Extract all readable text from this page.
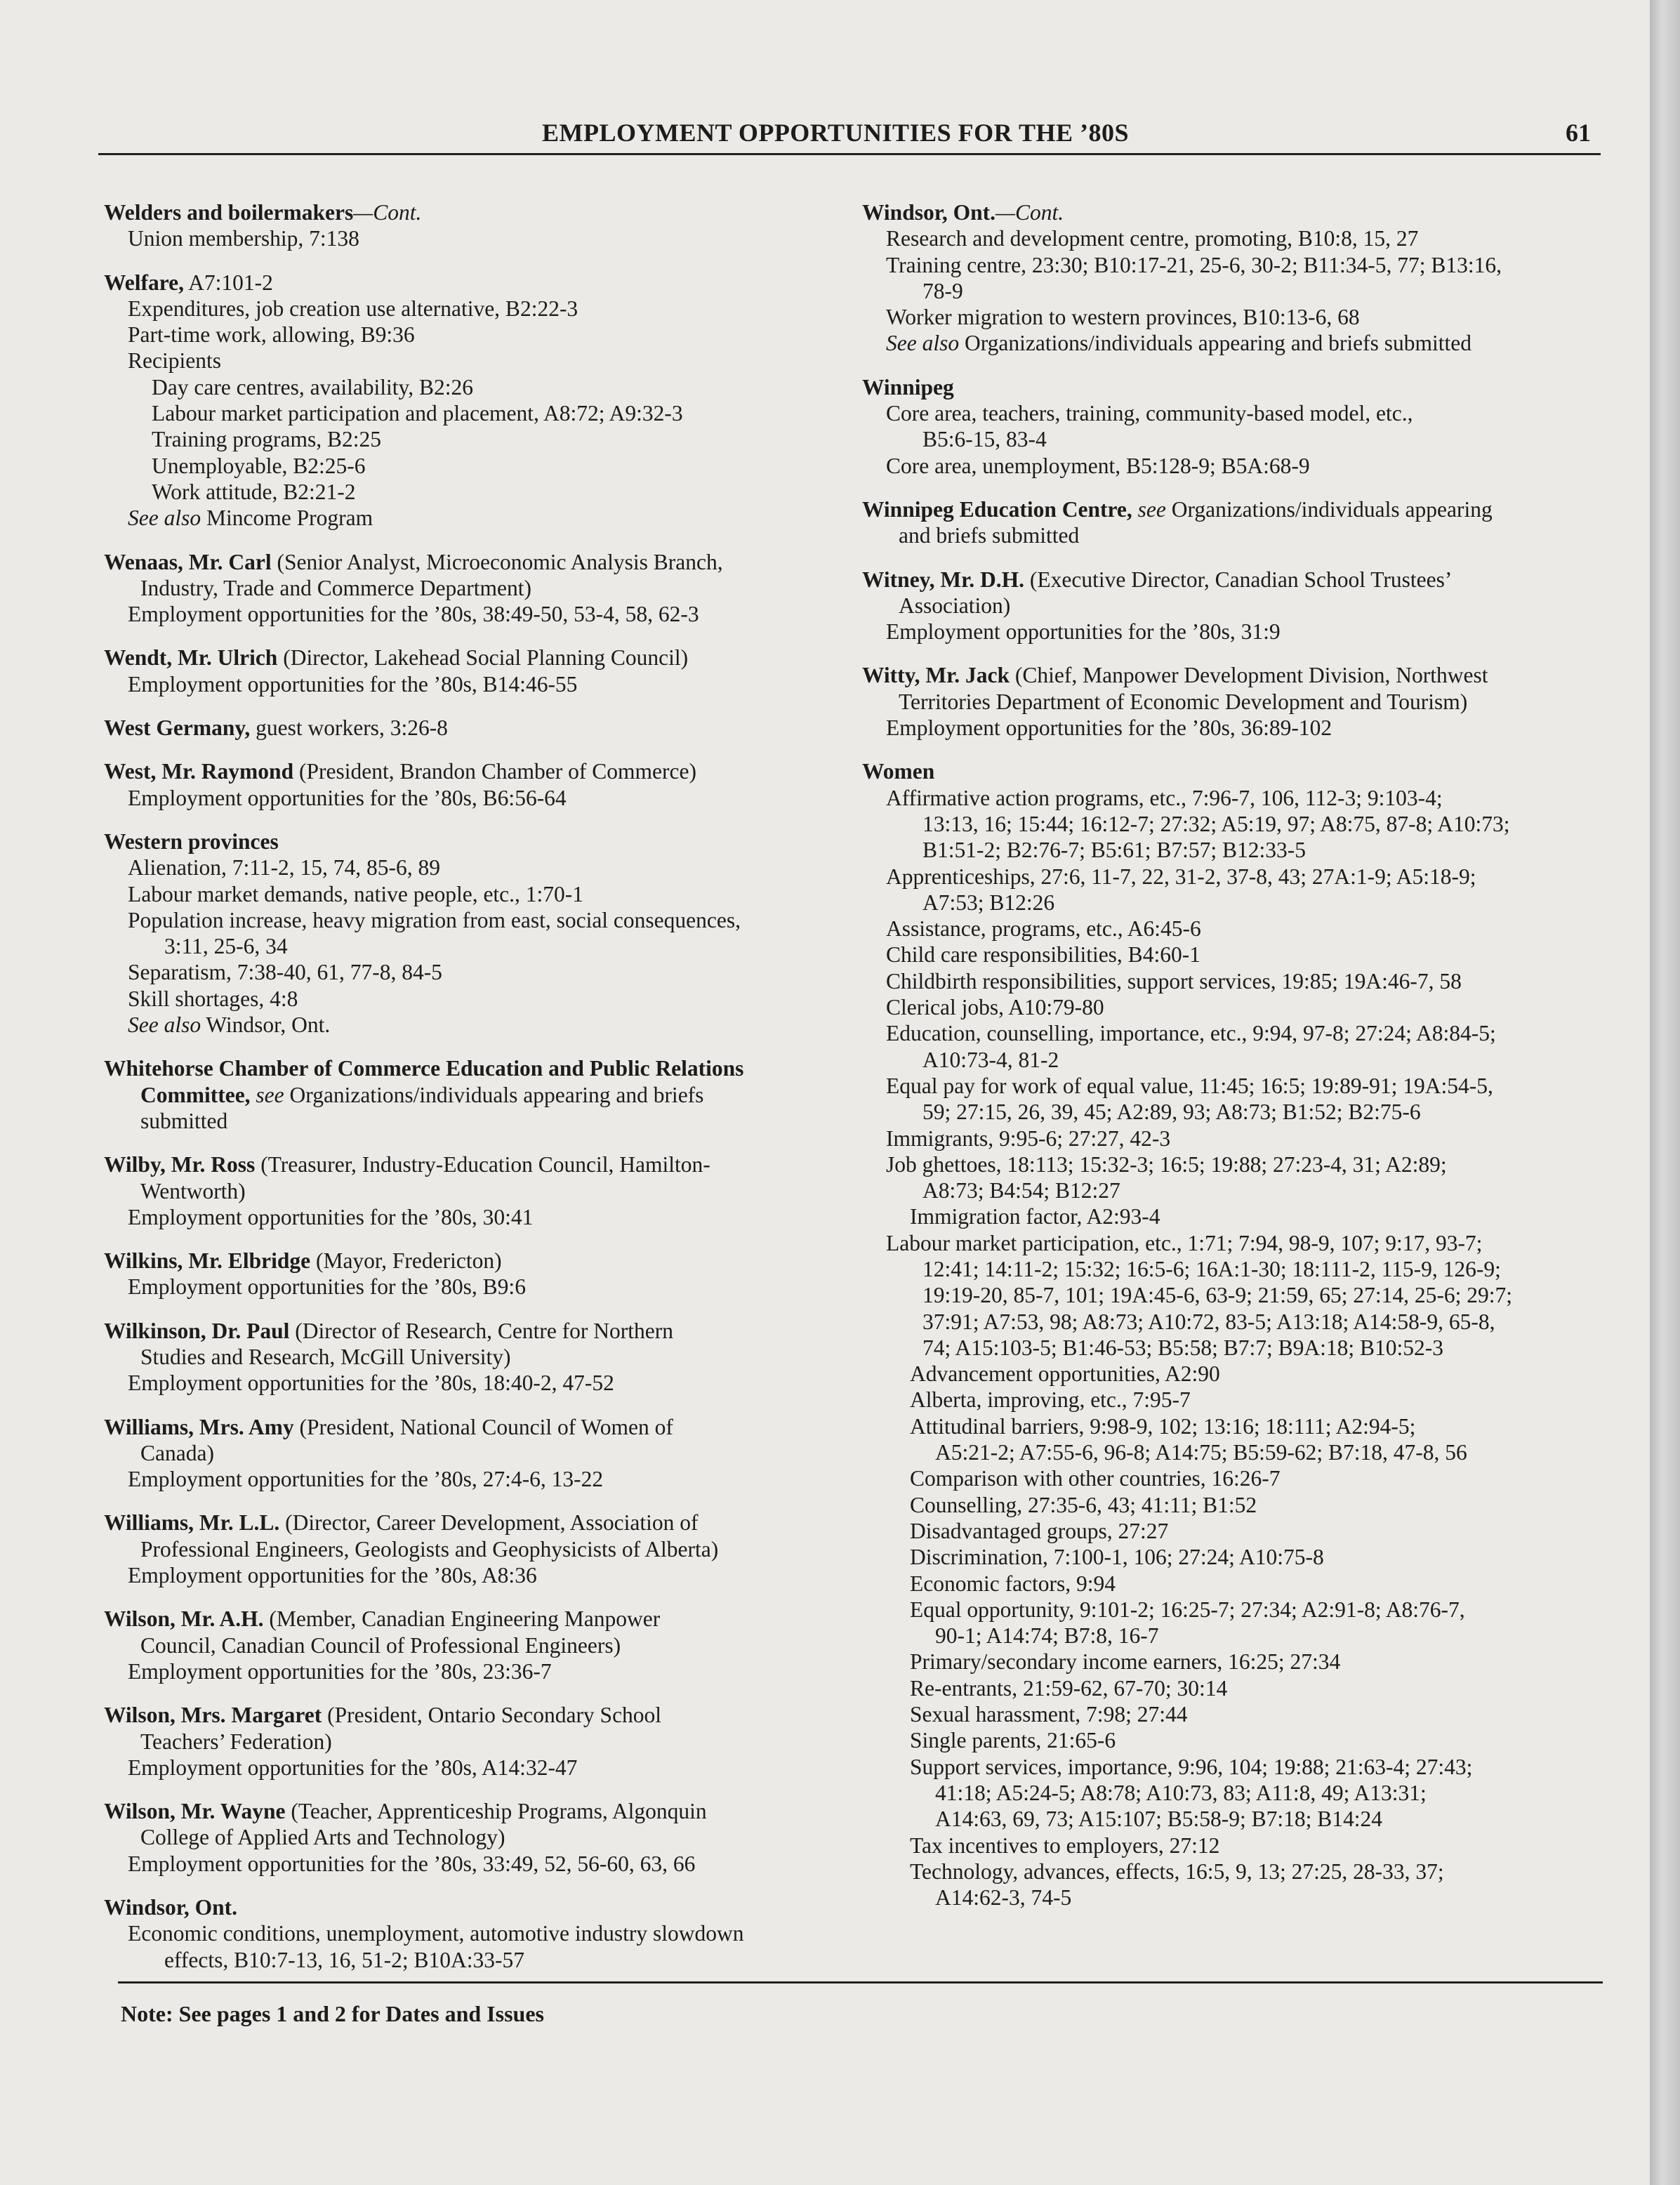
EMPLOYMENT OPPORTUNITIES FOR THE ’80S	61
Welders and boilermakers—Cont.
Union membership, 7:138
Welfare, A7:101-2
Expenditures, job creation use alternative, B2:22-3
Part-time work, allowing, B9:36
Recipients
Day care centres, availability, B2:26
Labour market participation and placement, A8:72; A9:32-3
Training programs, B2:25
Unemployable, B2:25-6
Work attitude, B2:21-2
See also Mincome Program
Wenaas, Mr. Carl (Senior Analyst, Microeconomic Analysis Branch,
Industry, Trade and Commerce Department)
Employment opportunities for the ’80s, 38:49-50, 53-4, 58, 62-3
Wendt, Mr. Ulrich (Director, Lakehead Social Planning Council)
Employment opportunities for the ’80s, B14:46-55
West Germany, guest workers, 3:26-8
West, Mr. Raymond (President, Brandon Chamber of Commerce)
Employment opportunities for the ’80s, B6:56-64
Western provinces
Alienation, 7:11-2, 15, 74, 85-6, 89
Labour market demands, native people, etc., 1:70-1
Population increase, heavy migration from east, social consequences,
3:11, 25-6, 34
Separatism, 7:38-40, 61, 77-8, 84-5
Skill shortages, 4:8
See also Windsor, Ont.
Whitehorse Chamber of Commerce Education and Public Relations
Committee, see Organizations/individuals appearing and briefs
submitted
Wilby, Mr. Ross (Treasurer, Industry-Education Council, Hamilton-
Wentworth)
Employment opportunities for the ’80s, 30:41
Wilkins, Mr. Elbridge (Mayor, Fredericton)
Employment opportunities for the ’80s, B9:6
Wilkinson, Dr. Paul (Director of Research, Centre for Northern
Studies and Research, McGill University)
Employment opportunities for the ’80s, 18:40-2, 47-52
Williams, Mrs. Amy (President, National Council of Women of
Canada)
Employment opportunities for the ’80s, 27:4-6, 13-22
Williams, Mr. L.L. (Director, Career Development, Association of
Professional Engineers, Geologists and Geophysicists of Alberta)
Employment opportunities for the ’80s, A8:36
Wilson, Mr. A.H. (Member, Canadian Engineering Manpower
Council, Canadian Council of Professional Engineers)
Employment opportunities for the ’80s, 23:36-7
Wilson, Mrs. Margaret (President, Ontario Secondary School
Teachers’ Federation)
Employment opportunities for the ’80s, A14:32-47
Wilson, Mr. Wayne (Teacher, Apprenticeship Programs, Algonquin
College of Applied Arts and Technology)
Employment opportunities for the ’80s, 33:49, 52, 56-60, 63, 66
Windsor, Ont.
Economic conditions, unemployment, automotive industry slowdown
effects, B10:7-13, 16, 51-2; B10A:33-57
Windsor, Ont.—Cont.
Research and development centre, promoting, B10:8, 15, 27
Training centre, 23:30; B10:17-21, 25-6, 30-2; B11:34-5, 77; B13:16,
78-9
Worker migration to western provinces, B10:13-6, 68
See also Organizations/individuals appearing and briefs submitted
Winnipeg
Core area, teachers, training, community-based model, etc.,
B5:6-15, 83-4
Core area, unemployment, B5:128-9; B5A:68-9
Winnipeg Education Centre, see Organizations/individuals appearing
and briefs submitted
Witney, Mr. D.H. (Executive Director, Canadian School Trustees’
Association)
Employment opportunities for the ’80s, 31:9
Witty, Mr. Jack (Chief, Manpower Development Division, Northwest
Territories Department of Economic Development and Tourism)
Employment opportunities for the ’80s, 36:89-102
Women
Affirmative action programs, etc., 7:96-7, 106, 112-3; 9:103-4;
13:13, 16; 15:44; 16:12-7; 27:32; A5:19, 97; A8:75, 87-8; A10:73;
B1:51-2; B2:76-7; B5:61; B7:57; B12:33-5
Apprenticeships, 27:6, 11-7, 22, 31-2, 37-8, 43; 27A:1-9; A5:18-9;
A7:53; B12:26
Assistance, programs, etc., A6:45-6
Child care responsibilities, B4:60-1
Childbirth responsibilities, support services, 19:85; 19A:46-7, 58
Clerical jobs, A10:79-80
Education, counselling, importance, etc., 9:94, 97-8; 27:24; A8:84-5;
A10:73-4, 81-2
Equal pay for work of equal value, 11:45; 16:5; 19:89-91; 19A:54-5,
59; 27:15, 26, 39, 45; A2:89, 93; A8:73; B1:52; B2:75-6
Immigrants, 9:95-6; 27:27, 42-3
Job ghettoes, 18:113; 15:32-3; 16:5; 19:88; 27:23-4, 31; A2:89;
A8:73; B4:54; B12:27
Immigration factor, A2:93-4
Labour market participation, etc., 1:71; 7:94, 98-9, 107; 9:17, 93-7;
12:41; 14:11-2; 15:32; 16:5-6; 16A:1-30; 18:111-2, 115-9, 126-9;
19:19-20, 85-7, 101; 19A:45-6, 63-9; 21:59, 65; 27:14, 25-6; 29:7;
37:91; A7:53, 98; A8:73; A10:72, 83-5; A13:18; A14:58-9, 65-8,
74; A15:103-5; B1:46-53; B5:58; B7:7; B9A:18; B10:52-3
Advancement opportunities, A2:90
Alberta, improving, etc., 7:95-7
Attitudinal barriers, 9:98-9, 102; 13:16; 18:111; A2:94-5;
A5:21-2; A7:55-6, 96-8; A14:75; B5:59-62; B7:18, 47-8, 56
Comparison with other countries, 16:26-7
Counselling, 27:35-6, 43; 41:11; B1:52
Disadvantaged groups, 27:27
Discrimination, 7:100-1, 106; 27:24; A10:75-8
Economic factors, 9:94
Equal opportunity, 9:101-2; 16:25-7; 27:34; A2:91-8; A8:76-7,
90-1; A14:74; B7:8, 16-7
Primary/secondary income earners, 16:25; 27:34
Re-entrants, 21:59-62, 67-70; 30:14
Sexual harassment, 7:98; 27:44
Single parents, 21:65-6
Support services, importance, 9:96, 104; 19:88; 21:63-4; 27:43;
41:18; A5:24-5; A8:78; A10:73, 83; A11:8, 49; A13:31;
A14:63, 69, 73; A15:107; B5:58-9; B7:18; B14:24
Tax incentives to employers, 27:12
Technology, advances, effects, 16:5, 9, 13; 27:25, 28-33, 37;
A14:62-3, 74-5
Note: See pages 1 and 2 for Dates and Issues
